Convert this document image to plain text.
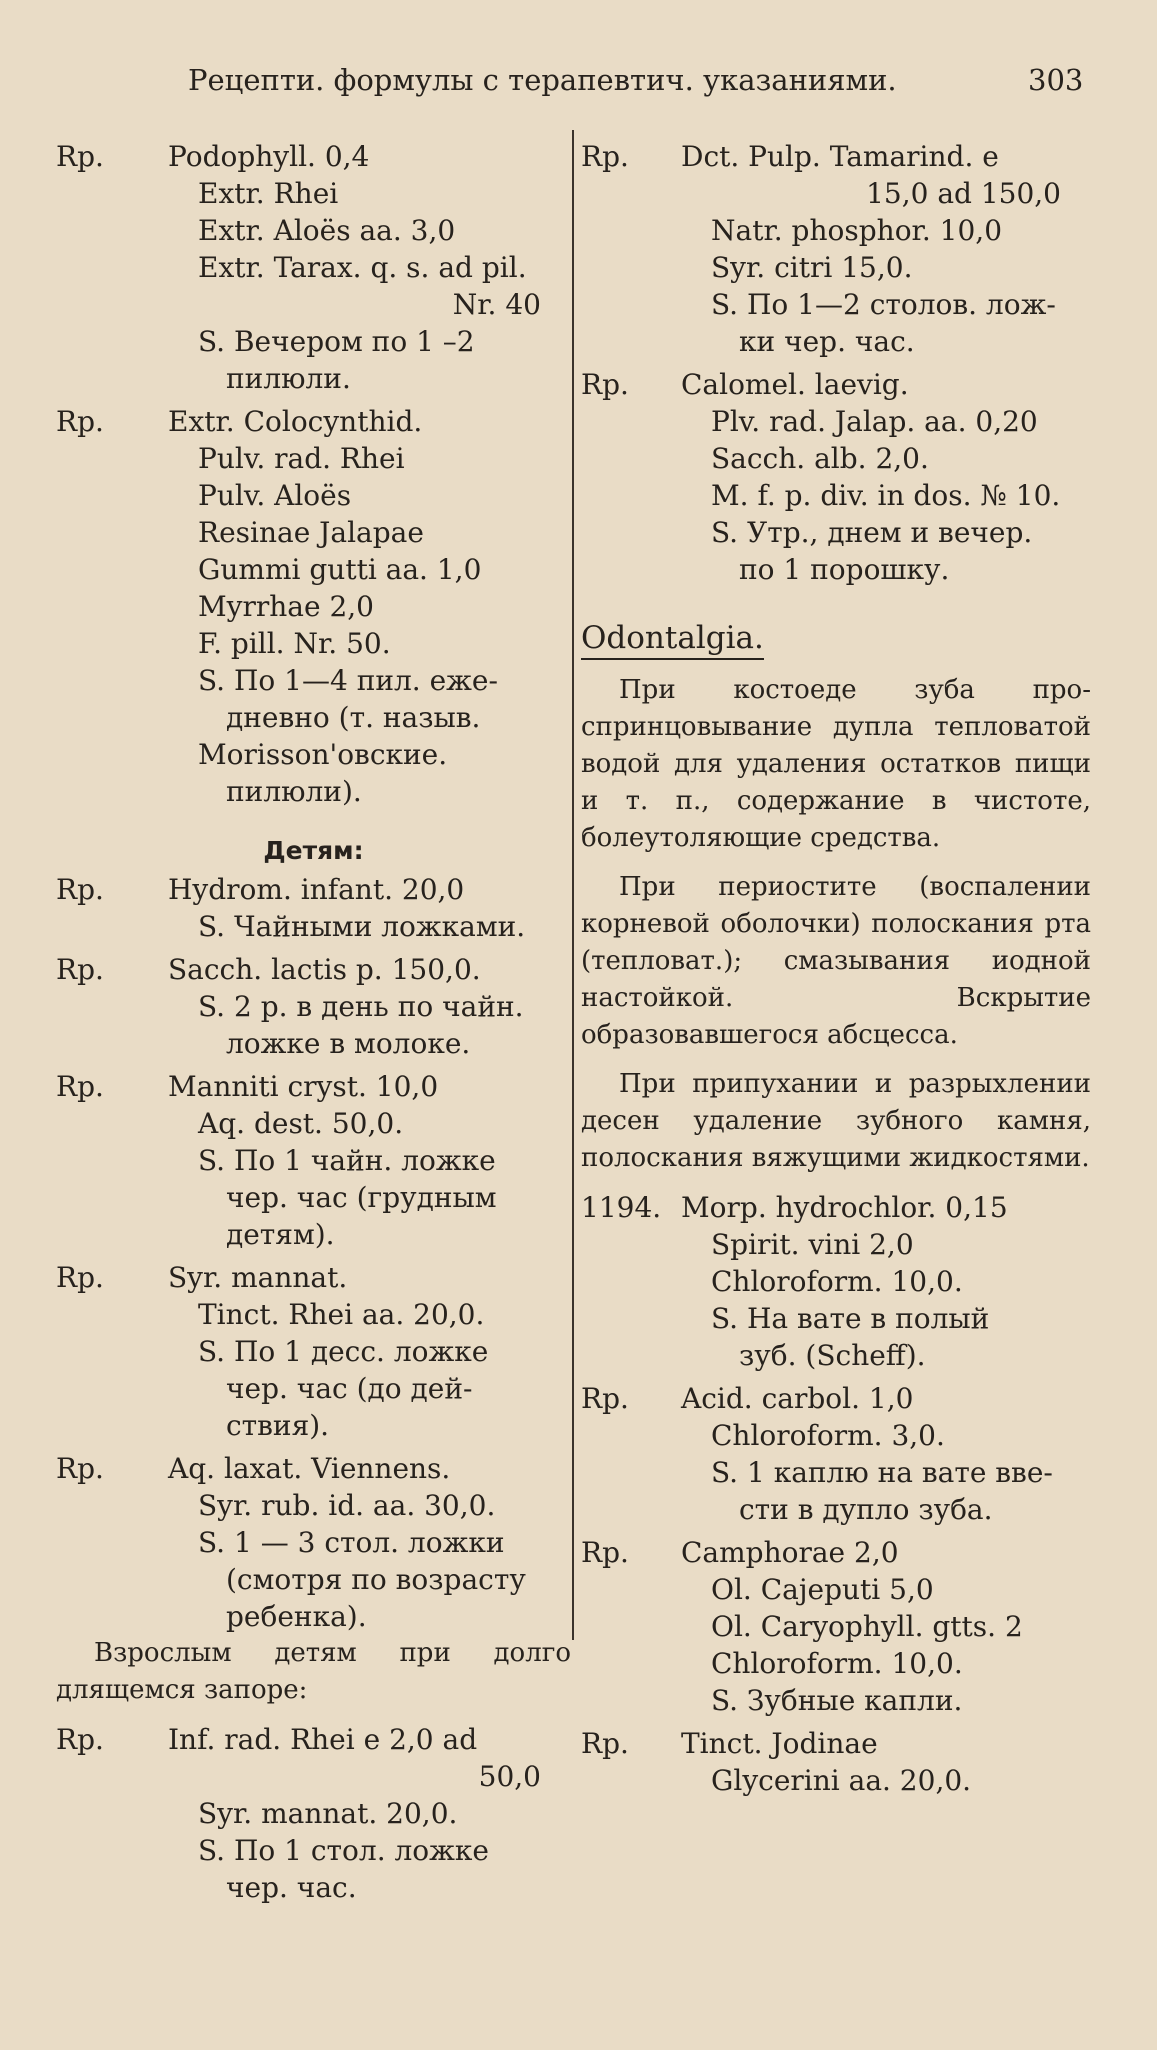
Рецепти. формулы с терапевтич. указаниями.	303
Rp. Podophyll. 0,4
Extr. Rhei
Extr. Aloës aa. 3,0
Extr. Tarax. q. s. ad pil.
Nr. 40
S. Вечером по 1 –2
пилюли.
Rp. Extr. Colocynthid.
Pulv. rad. Rhei
Pulv. Aloës
Resinae Jalapae
Gummi gutti aa. 1,0
Myrrhae 2,0
F. pill. Nr. 50.
S. По 1—4 пил. еже-
дневно (т. назыв.
Morisson'овские.
пилюли).
Детям:
Rp. Hydrom. infant. 20,0
S. Чайными ложками.
Rp. Sacch. lactis p. 150,0.
S. 2 р. в день по чайн.
ложке в молоке.
Rp. Manniti cryst. 10,0
Aq. dest. 50,0.
S. По 1 чайн. ложке
чер. час (грудным
детям).
Rp. Syr. mannat.
Tinct. Rhei aa. 20,0.
S. По 1 десс. ложке
чер. час (до дей-
ствия).
Rp. Aq. laxat. Viennens.
Syr. rub. id. aa. 30,0.
S. 1 — 3 стол. ложки
(смотря по возрасту
ребенка).

Взрослым детям при долго длящемся запоре:

Rp. Inf. rad. Rhei e 2,0 ad
50,0
Syr. mannat. 20,0.
S. По 1 стол. ложке
чер. час.
Rp. Dct. Pulp. Tamarind. e
15,0 ad 150,0
Natr. phosphor. 10,0
Syr. citri 15,0.
S. По 1—2 столов. лож-
ки чер. час.
Rp. Calomel. laevig.
Plv. rad. Jalap. aa. 0,20
Sacch. alb. 2,0.
M. f. p. div. in dos. № 10.
S. Утр., днем и вечер.
по 1 порошку.
Odontalgia.

При костоеде зуба про-спринцовывание дупла тепловатой водой для удаления остатков пищи и т. п., содержание в чистоте, болеутоляющие средства.

При периостите (воспалении корневой оболочки) полоскания рта (тепловат.); смазывания иодной настойкой. Вскрытие образовавшегося абсцесса.

При припухании и разрыхлении десен удаление зубного камня, полоскания вяжущими жидкостями.

1194. Morp. hydrochlor. 0,15
Spirit. vini 2,0
Chloroform. 10,0.
S. На вате в полый
зуб. (Scheff).
Rp. Acid. carbol. 1,0
Chloroform. 3,0.
S. 1 каплю на вате вве-
сти в дупло зуба.
Rp. Camphorae 2,0
Ol. Cajeputi 5,0
Ol. Caryophyll. gtts. 2
Chloroform. 10,0.
S. Зубные капли.
Rp. Tinct. Jodinae
Glycerini aa. 20,0.
